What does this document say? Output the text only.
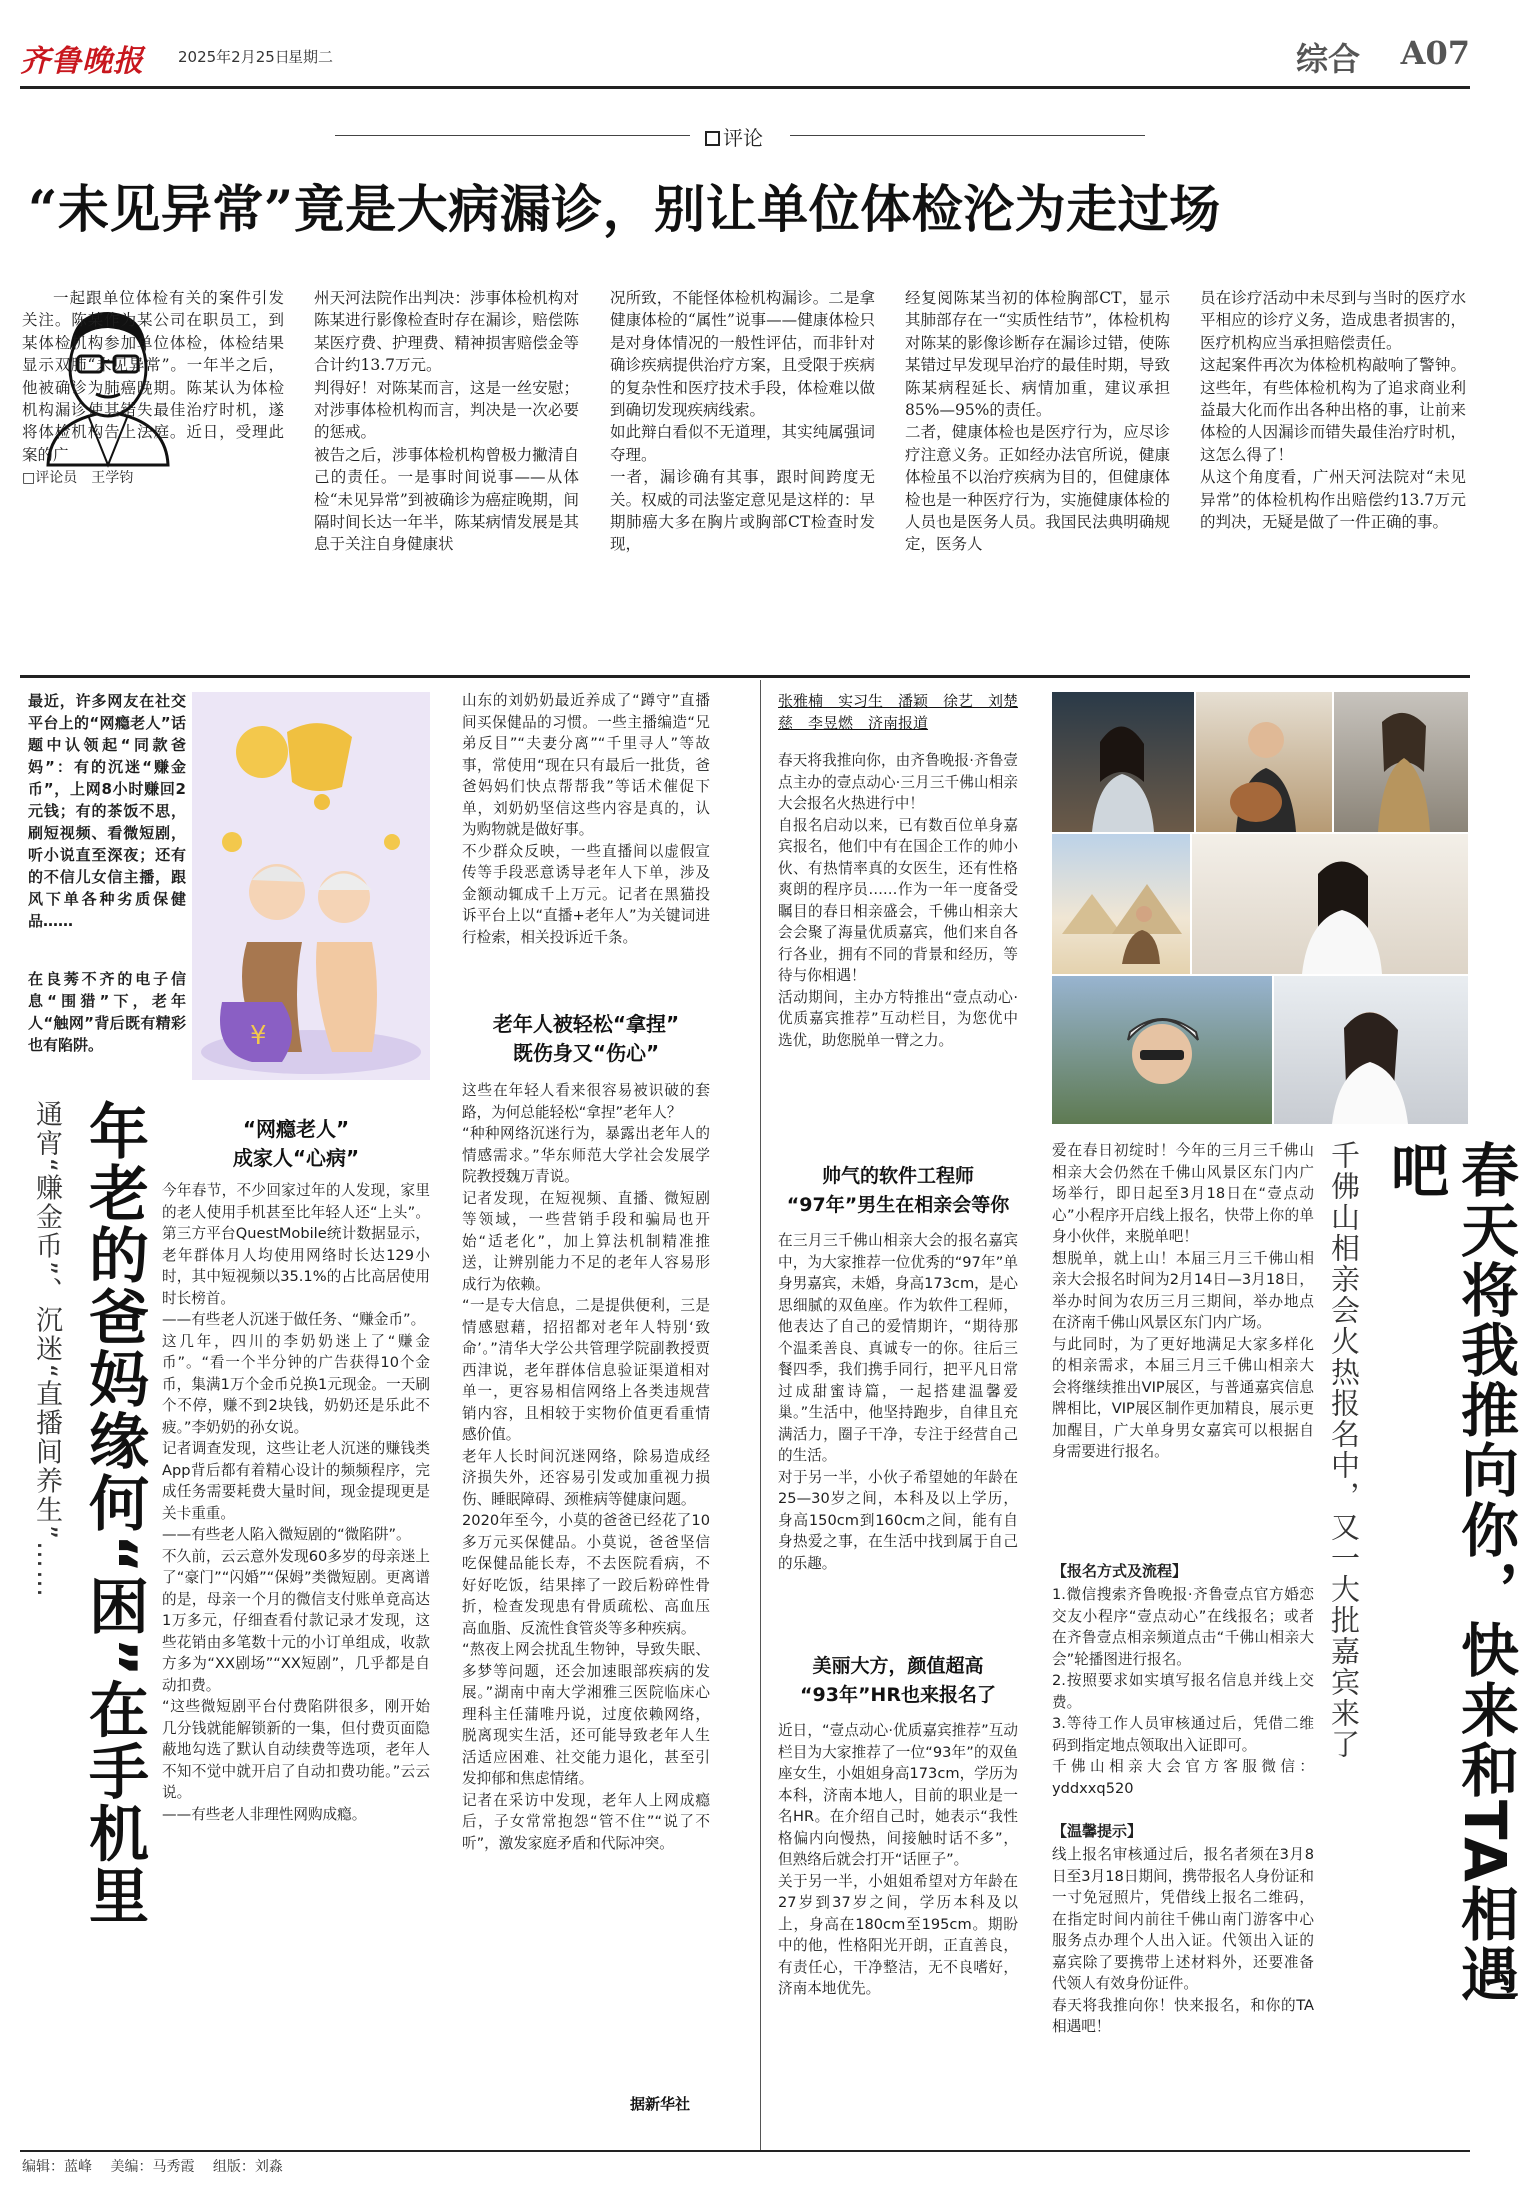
齐鲁晚报 2025年2月25日
星期二	综合 A07
评论
“未见异常”竟是大病漏诊，别让单位体检沦为走过场
□评论员　王学钧

一起跟单位体检有关的案件引发关注。陈某作为某公司在职员工，到某体检机构参加单位体检，体检结果显示双肺“未见异常”。一年半之后，他被确诊为肺癌晚期。陈某认为体检机构漏诊使其错失最佳治疗时机，遂将体检机构告上法庭。近日，受理此案的广

州天河法院作出判决：涉事体检机构对陈某进行影像检查时存在漏诊，赔偿陈某医疗费、护理费、精神损害赔偿金等合计约13.7万元。
判得好！对陈某而言，这是一丝安慰；对涉事体检机构而言，判决是一次必要的惩戒。
被告之后，涉事体检机构曾极力撇清自己的责任。一是事时间说事——从体检“未见异常”到被确诊为癌症晚期，间隔时间长达一年半，陈某病情发展是其息于关注自身健康状
况所致，不能怪体检机构漏诊。二是拿健康体检的“属性”说事——健康体检只是对身体情况的一般性评估，而非针对确诊疾病提供治疗方案，且受限于疾病的复杂性和医疗技术手段，体检难以做到确切发现疾病线索。
如此辩白看似不无道理，其实纯属强词夺理。
一者，漏诊确有其事，跟时间跨度无关。权威的司法鉴定意见是这样的：早期肺癌大多在胸片或胸部CT检查时发现，
经复阅陈某当初的体检胸部CT，显示其肺部存在一“实质性结节”，体检机构对陈某的影像诊断存在漏诊过错，使陈某错过早发现早治疗的最佳时期，导致陈某病程延长、病情加重，建议承担85%—95%的责任。
二者，健康体检也是医疗行为，应尽诊疗注意义务。正如经办法官所说，健康体检虽不以治疗疾病为目的，但健康体检也是一种医疗行为，实施健康体检的人员也是医务人员。我国民法典明确规定，医务人
员在诊疗活动中未尽到与当时的医疗水平相应的诊疗义务，造成患者损害的，医疗机构应当承担赔偿责任。
这起案件再次为体检机构敲响了警钟。这些年，有些体检机构为了追求商业利益最大化而作出各种出格的事，让前来体检的人因漏诊而错失最佳治疗时机，这怎么得了！
从这个角度看，广州天河法院对“未见异常”的体检机构作出赔偿约13.7万元的判决，无疑是做了一件正确的事。
最近，许多网友在社交平台上的“网瘾老人”话题中认领起“同款爸妈”：有的沉迷“赚金币”，上网8小时赚回2元钱；有的茶饭不思，刷短视频、看微短剧，听小说直至深夜；还有的不信儿女信主播，跟风下单各种劣质保健品……
在良莠不齐的电子信息“围猎”下，老年人“触网”背后既有精彩也有陷阱。	¥
年老的爸妈缘何“困”在手机里
通宵“赚金币”、沉迷“直播间养生”……	“网瘾老人”
成家人“心病”
今年春节，不少回家过年的人发现，家里的老人使用手机甚至比年轻人还“上头”。第三方平台QuestMobile统计数据显示，老年群体月人均使用网络时长达129小时，其中短视频以35.1%的占比高居使用时长榜首。
——有些老人沉迷于做任务、“赚金币”。
这几年，四川的李奶奶迷上了“赚金币”。“看一个半分钟的广告获得10个金币，集满1万个金币兑换1元现金。一天刷个不停，赚不到2块钱，奶奶还是乐此不疲。”李奶奶的孙女说。
记者调查发现，这些让老人沉迷的赚钱类App背后都有着精心设计的频频程序，完成任务需要耗费大量时间，现金提现更是关卡重重。
——有些老人陷入微短剧的“微陷阱”。
不久前，云云意外发现60多岁的母亲迷上了“豪门”“闪婚”“保姆”类微短剧。更离谱的是，母亲一个月的微信支付账单竟高达1万多元，仔细查看付款记录才发现，这些花销由多笔数十元的小订单组成，收款方多为“XX剧场”“XX短剧”，几乎都是自动扣费。
“这些微短剧平台付费陷阱很多，刚开始几分钱就能解锁新的一集，但付费页面隐蔽地勾选了默认自动续费等选项，老年人不知不觉中就开启了自动扣费功能。”云云说。
——有些老人非理性网购成瘾。
山东的刘奶奶最近养成了“蹲守”直播间买保健品的习惯。一些主播编造“兄弟反目”“夫妻分离”“千里寻人”等故事，常使用“现在只有最后一批货，爸爸妈妈们快点帮帮我”等话术催促下单，刘奶奶坚信这些内容是真的，认为购物就是做好事。
不少群众反映，一些直播间以虚假宣传等手段恶意诱导老年人下单，涉及金额动辄成千上万元。记者在黑猫投诉平台上以“直播+老年人”为关键词进行检索，相关投诉近千条。
老年人被轻松“拿捏”
既伤身又“伤心”
这些在年轻人看来很容易被识破的套路，为何总能轻松“拿捏”老年人？
“种种网络沉迷行为，暴露出老年人的情感需求。”华东师范大学社会发展学院教授魏万青说。
记者发现，在短视频、直播、微短剧等领域，一些营销手段和骗局也开始“适老化”，加上算法机制精准推送，让辨别能力不足的老年人容易形成行为依赖。
“一是专大信息，二是提供便利，三是情感慰藉，招招都对老年人特别‘致命’。”清华大学公共管理学院副教授贾西津说，老年群体信息验证渠道相对单一，更容易相信网络上各类违规营销内容，且相较于实物价值更看重情感价值。
老年人长时间沉迷网络，除易造成经济损失外，还容易引发或加重视力损伤、睡眠障碍、颈椎病等健康问题。
2020年至今，小莫的爸爸已经花了10多万元买保健品。小莫说，爸爸坚信吃保健品能长寿，不去医院看病，不好好吃饭，结果摔了一跤后粉碎性骨折，检查发现患有骨质疏松、高血压高血脂、反流性食管炎等多种疾病。
“熬夜上网会扰乱生物钟，导致失眠、多梦等问题，还会加速眼部疾病的发展。”湖南中南大学湘雅三医院临床心理科主任蒲唯丹说，过度依赖网络，脱离现实生活，还可能导致老年人生活适应困难、社交能力退化，甚至引发抑郁和焦虑情绪。
记者在采访中发现，老年人上网成瘾后，子女常常抱怨“管不住”“说了不听”，激发家庭矛盾和代际冲突。
据新华社
张雅楠　实习生　潘颖　徐艺　刘楚慈　李昱燃　济南报道
春天将我推向你，由齐鲁晚报·齐鲁壹点主办的壹点动心·三月三千佛山相亲大会报名火热进行中！
自报名启动以来，已有数百位单身嘉宾报名，他们中有在国企工作的帅小伙、有热情率真的女医生，还有性格爽朗的程序员……作为一年一度备受瞩目的春日相亲盛会，千佛山相亲大会会聚了海量优质嘉宾，他们来自各行各业，拥有不同的背景和经历，等待与你相遇！
活动期间，主办方特推出“壹点动心·优质嘉宾推荐”互动栏目，为您优中选优，助您脱单一臂之力。
帅气的软件工程师
“97年”男生在相亲会等你
在三月三千佛山相亲大会的报名嘉宾中，为大家推荐一位优秀的“97年”单身男嘉宾，未婚，身高173cm，是心思细腻的双鱼座。作为软件工程师，他表达了自己的爱情期许，“期待那个温柔善良、真诚专一的你。往后三餐四季，我们携手同行，把平凡日常过成甜蜜诗篇，一起搭建温馨爱巢。”生活中，他坚持跑步，自律且充满活力，圈子干净，专注于经营自己的生活。
对于另一半，小伙子希望她的年龄在25—30岁之间，本科及以上学历，身高150cm到160cm之间，能有自身热爱之事，在生活中找到属于自己的乐趣。
美丽大方，颜值超高
“93年”HR也来报名了
近日，“壹点动心·优质嘉宾推荐”互动栏目为大家推荐了一位“93年”的双鱼座女生，小姐姐身高173cm，学历为本科，济南本地人，目前的职业是一名HR。在介绍自己时，她表示“我性格偏内向慢热，间接触时话不多”，但熟络后就会打开“话匣子”。
关于另一半，小姐姐希望对方年龄在27岁到37岁之间，学历本科及以上，身高在180cm至195cm。期盼中的他，性格阳光开朗，正直善良，有责任心，干净整洁，无不良嗜好，济南本地优先。	春天将我推向你，快来和TA相遇吧
千佛山相亲会火热报名中，又一大批嘉宾来了
爱在春日初绽时！今年的三月三千佛山相亲大会仍然在千佛山风景区东门内广场举行，即日起至3月18日在“壹点动心”小程序开启线上报名，快带上你的单身小伙伴，来脱单吧！
想脱单，就上山！本届三月三千佛山相亲大会报名时间为2月14日—3月18日，举办时间为农历三月三期间，举办地点在济南千佛山风景区东门内广场。
与此同时，为了更好地满足大家多样化的相亲需求，本届三月三千佛山相亲大会将继续推出VIP展区，与普通嘉宾信息牌相比，VIP展区制作更加精良，展示更加醒目，广大单身男女嘉宾可以根据自身需要进行报名。
【报名方式及流程】
1.微信搜索齐鲁晚报·齐鲁壹点官方婚恋交友小程序“壹点动心”在线报名；或者在齐鲁壹点相亲频道点击“千佛山相亲大会”轮播图进行报名。
2.按照要求如实填写报名信息并线上交费。
3.等待工作人员审核通过后，凭借二维码到指定地点领取出入证即可。
千佛山相亲大会官方客服微信：yddxxq520
【温馨提示】
线上报名审核通过后，报名者须在3月8日至3月18日期间，携带报名人身份证和一寸免冠照片，凭借线上报名二维码，在指定时间内前往千佛山南门游客中心服务点办理个人出入证。代领出入证的嘉宾除了要携带上述材料外，还要准备代领人有效身份证件。
春天将我推向你！快来报名，和你的TA相遇吧！
编辑：蓝峰 美编：马秀霞 组版：刘淼
